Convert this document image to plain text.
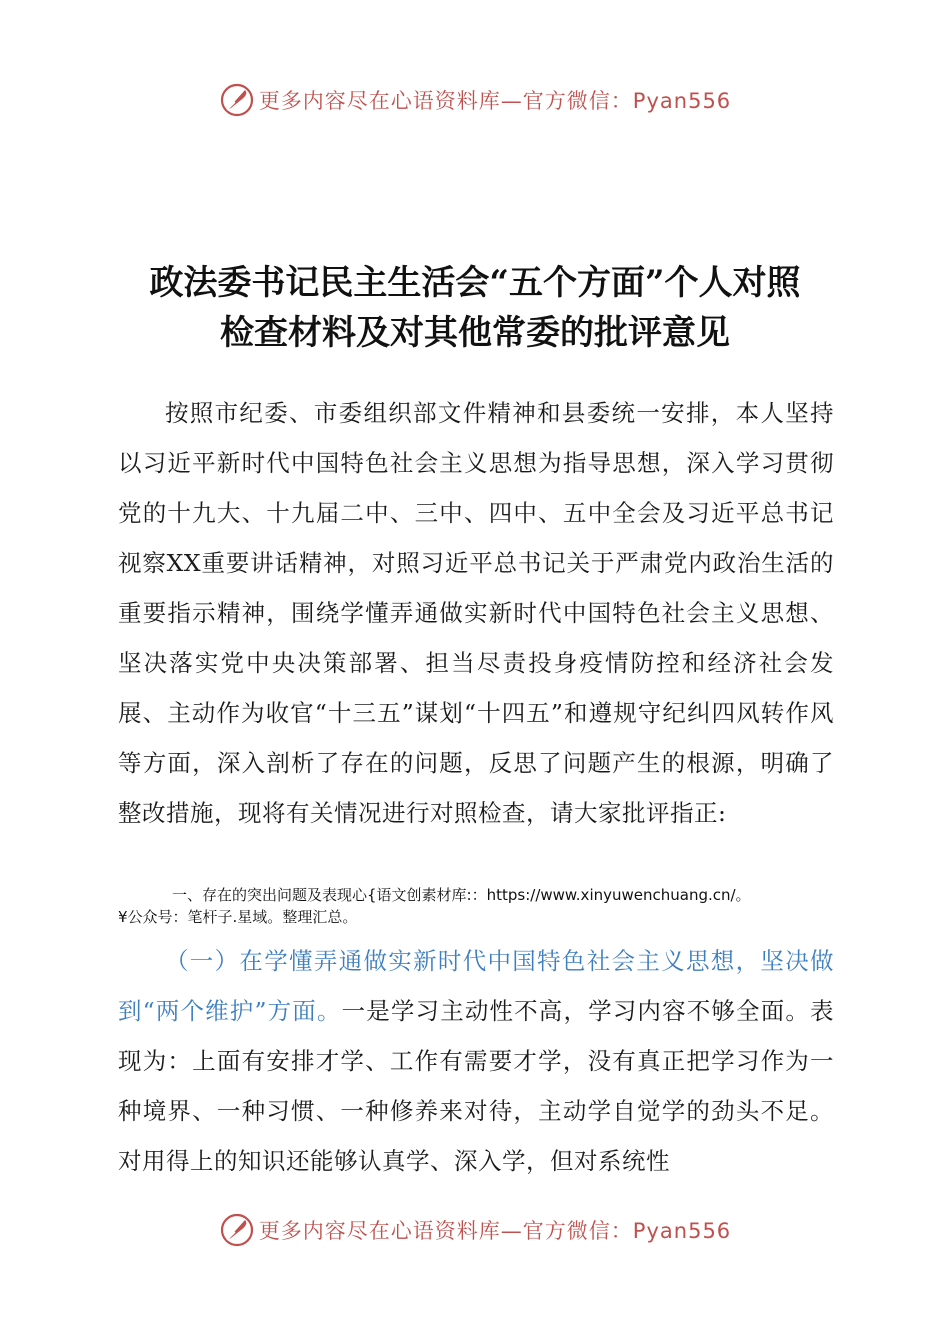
更多内容尽在心语资料库—官方微信：Pyan556
政法委书记民主生活会“五个方面”个人对照
检查材料及对其他常委的批评意见

按照市纪委、市委组织部文件精神和县委统一安排，本人坚持以习近平新时代中国特色社会主义思想为指导思想，深入学习贯彻党的十九大、十九届二中、三中、四中、五中全会及习近平总书记视察XX重要讲话精神，对照习近平总书记关于严肃党内政治生活的重要指示精神，围绕学懂弄通做实新时代中国特色社会主义思想、坚决落实党中央决策部署、担当尽责投身疫情防控和经济社会发展、主动作为收官“十三五”谋划“十四五”和遵规守纪纠四风转作风等方面，深入剖析了存在的问题，反思了问题产生的根源，明确了整改措施，现将有关情况进行对照检查，请大家批评指正:

一、存在的突出问题及表现心{语文创素材库:：https://www.xinyuwenchuang.cn/。

¥公众号：笔杆子.星域。整理汇总。

（一）在学懂弄通做实新时代中国特色社会主义思想，坚决做到“两个维护”方面。一是学习主动性不高，学习内容不够全面。表现为：上面有安排才学、工作有需要才学，没有真正把学习作为一种境界、一种习惯、一种修养来对待，主动学自觉学的劲头不足。对用得上的知识还能够认真学、深入学，但对系统性

更多内容尽在心语资料库—官方微信：Pyan556
